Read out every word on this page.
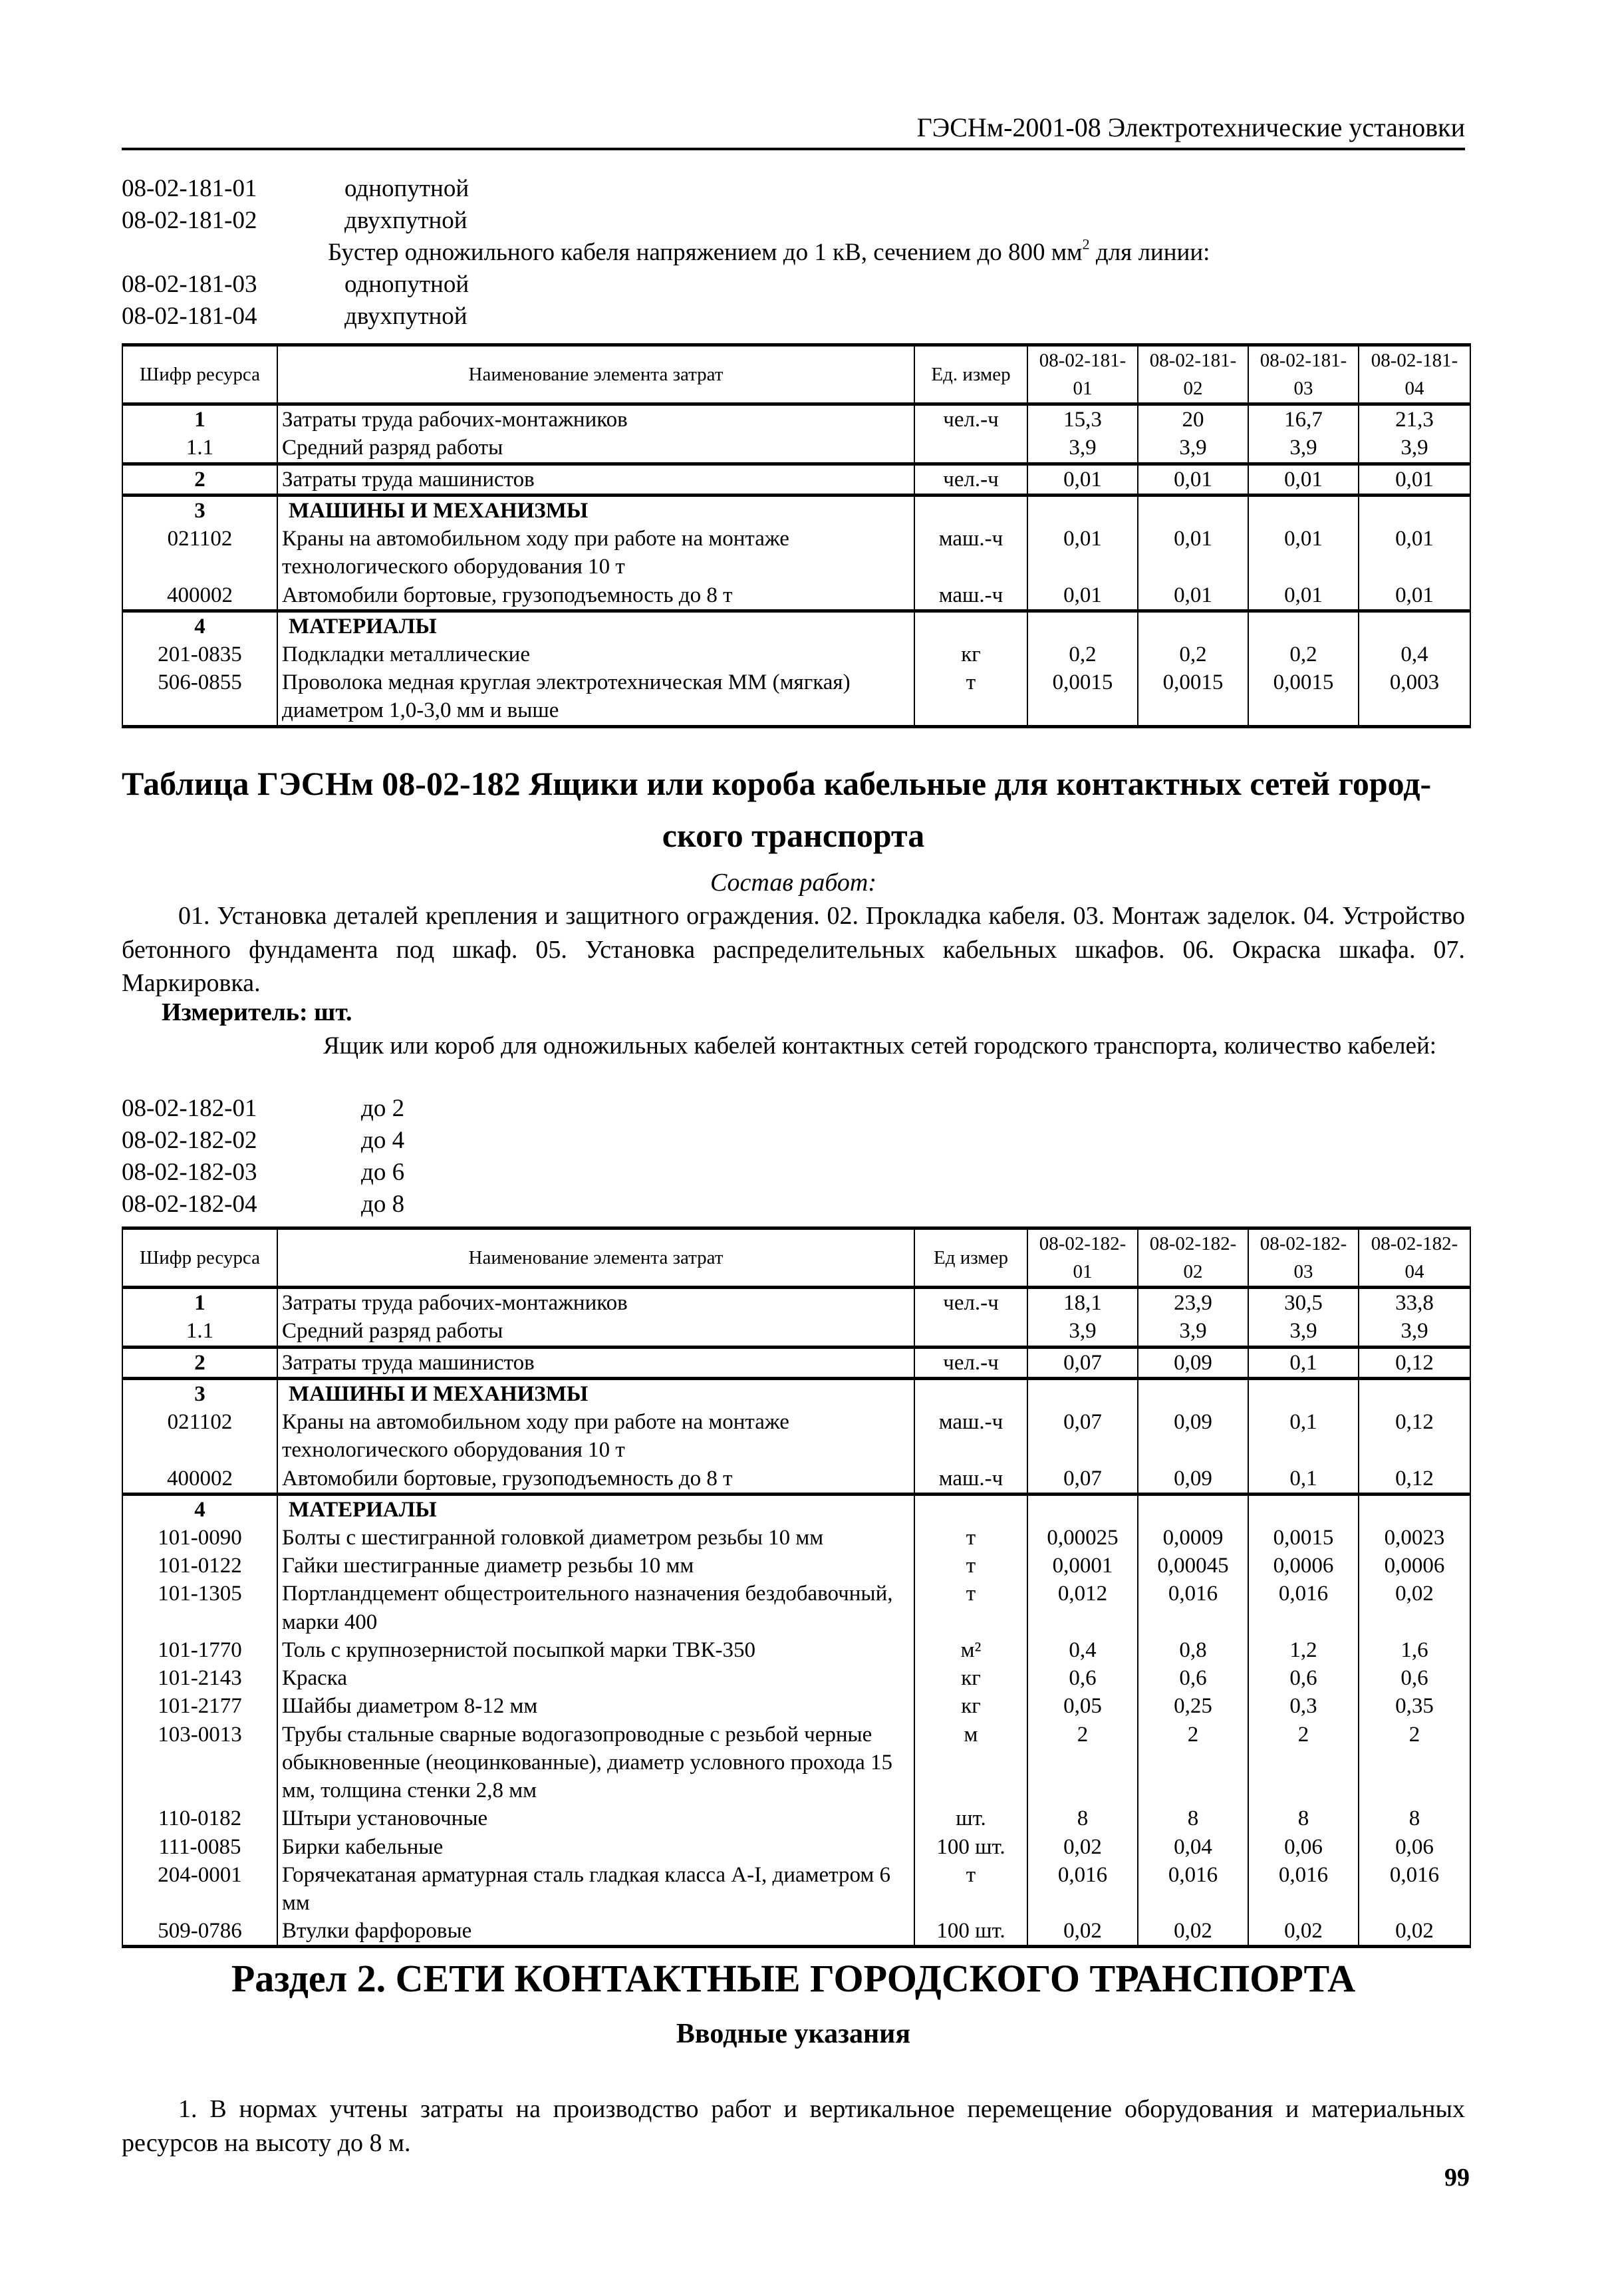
ГЭСНм-2001-08 Электротехнические установки
08-02-181-01	однопутной
08-02-181-02	двухпутной
Бустер одножильного кабеля напряжением до 1 кВ, сечением до 800 $мм^2$ для линии:
08-02-181-03	однопутной
08-02-181-04	двухпутной
Шифр ресурса	Наименование элемента затрат	Ед. измер	08-02-181-01	08-02-181-02	08-02-181-03	08-02-181-04
1	Затраты труда рабочих-монтажников	чел.-ч	15,3	20	16,7	21,3
1.1	Средний разряд работы		3,9	3,9	3,9	3,9
2	Затраты труда машинистов	чел.-ч	0,01	0,01	0,01	0,01
3	МАШИНЫ И МЕХАНИЗМЫ					
021102	Краны на автомобильном ходу при работе на монтаже технологического оборудования 10 т	маш.-ч	0,01	0,01	0,01	0,01
400002	Автомобили бортовые, грузоподъемность до 8 т	маш.-ч	0,01	0,01	0,01	0,01
4	МАТЕРИАЛЫ					
201-0835	Подкладки металлические	кг	0,2	0,2	0,2	0,4
506-0855	Проволока медная круглая электротехническая ММ (мягкая) диаметром 1,0-3,0 мм и выше	т	0,0015	0,0015	0,0015	0,003
Таблица ГЭСНм 08-02-182 Ящики или короба кабельные для контактных сетей город-
ского транспорта
Состав работ:
01. Установка деталей крепления и защитного ограждения. 02. Прокладка кабеля. 03. Монтаж заделок. 04. Устройство бетонного фундамента под шкаф. 05. Установка распределительных кабельных шкафов. 06. Окраска шкафа. 07. Маркировка.
Измеритель: шт.
Ящик или короб для одножильных кабелей контактных сетей городского транспорта, количество кабелей:
08-02-182-01	до 2
08-02-182-02	до 4
08-02-182-03	до 6
08-02-182-04	до 8
Шифр ресурса	Наименование элемента затрат	Ед измер	08-02-182-01	08-02-182-02	08-02-182-03	08-02-182-04
1	Затраты труда рабочих-монтажников	чел.-ч	18,1	23,9	30,5	33,8
1.1	Средний разряд работы		3,9	3,9	3,9	3,9
2	Затраты труда машинистов	чел.-ч	0,07	0,09	0,1	0,12
3	МАШИНЫ И МЕХАНИЗМЫ					
021102	Краны на автомобильном ходу при работе на монтаже технологического оборудования 10 т	маш.-ч	0,07	0,09	0,1	0,12
400002	Автомобили бортовые, грузоподъемность до 8 т	маш.-ч	0,07	0,09	0,1	0,12
4	МАТЕРИАЛЫ					
101-0090	Болты с шестигранной головкой диаметром резьбы 10 мм	т	0,00025	0,0009	0,0015	0,0023
101-0122	Гайки шестигранные диаметр резьбы 10 мм	т	0,0001	0,00045	0,0006	0,0006
101-1305	Портландцемент общестроительного назначения бездобавочный, марки 400	т	0,012	0,016	0,016	0,02
101-1770	Толь с крупнозернистой посыпкой марки ТВК-350	м²	0,4	0,8	1,2	1,6
101-2143	Краска	кг	0,6	0,6	0,6	0,6
101-2177	Шайбы диаметром 8-12 мм	кг	0,05	0,25	0,3	0,35
103-0013	Трубы стальные сварные водогазопроводные с резьбой черные обыкновенные (неоцинкованные), диаметр условного прохода 15 мм, толщина стенки 2,8 мм	м	2	2	2	2
110-0182	Штыри установочные	шт.	8	8	8	8
111-0085	Бирки кабельные	100 шт.	0,02	0,04	0,06	0,06
204-0001	Горячекатаная арматурная сталь гладкая класса А-I, диаметром 6 мм	т	0,016	0,016	0,016	0,016
509-0786	Втулки фарфоровые	100 шт.	0,02	0,02	0,02	0,02
Раздел 2. СЕТИ КОНТАКТНЫЕ ГОРОДСКОГО ТРАНСПОРТА
Вводные указания
1. В нормах учтены затраты на производство работ и вертикальное перемещение оборудования и материальных ресурсов на высоту до 8 м.
99
